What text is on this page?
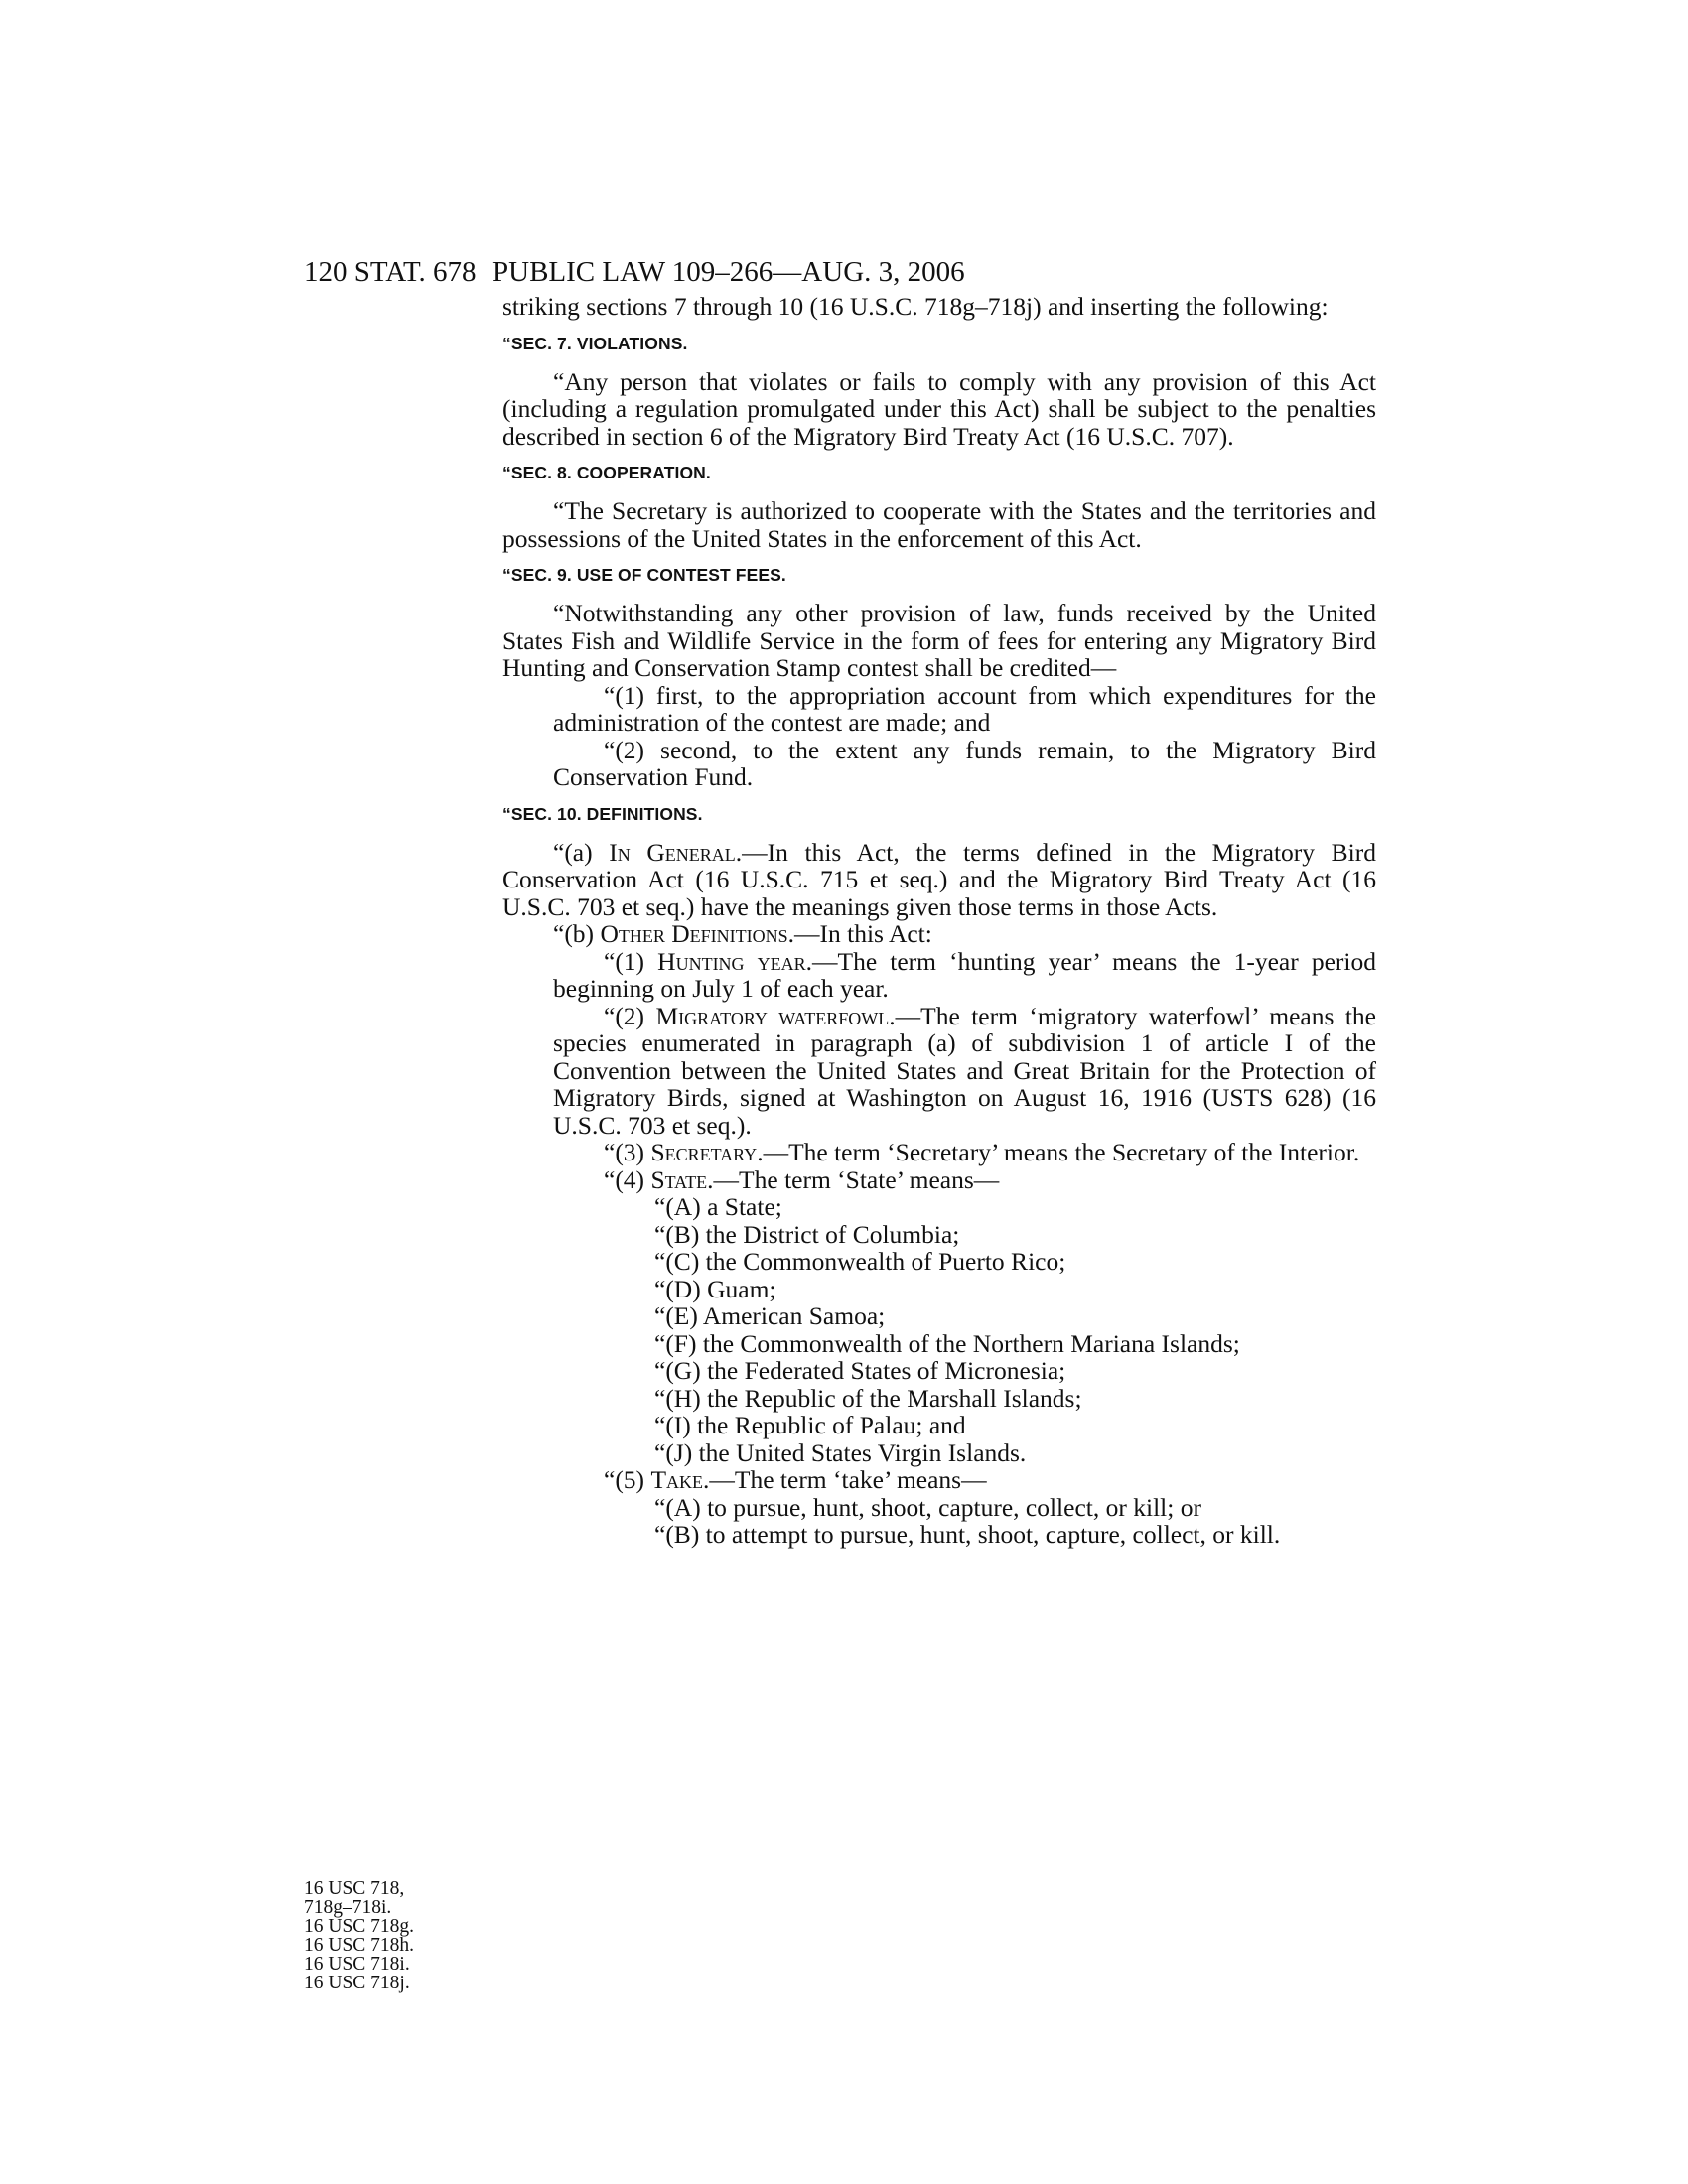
120 STAT. 678 PUBLIC LAW 109–266—AUG. 3, 2006

striking sections 7 through 10 (16 U.S.C. 718g–718j) and inserting the following:

“SEC. 7. VIOLATIONS.

“Any person that violates or fails to comply with any provision of this Act (including a regulation promulgated under this Act) shall be subject to the penalties described in section 6 of the Migratory Bird Treaty Act (16 U.S.C. 707).

“SEC. 8. COOPERATION.

“The Secretary is authorized to cooperate with the States and the territories and possessions of the United States in the enforcement of this Act.

“SEC. 9. USE OF CONTEST FEES.

“Notwithstanding any other provision of law, funds received by the United States Fish and Wildlife Service in the form of fees for entering any Migratory Bird Hunting and Conservation Stamp contest shall be credited—

“(1) first, to the appropriation account from which expenditures for the administration of the contest are made; and

“(2) second, to the extent any funds remain, to the Migratory Bird Conservation Fund.

“SEC. 10. DEFINITIONS.

“(a) In General.—In this Act, the terms defined in the Migratory Bird Conservation Act (16 U.S.C. 715 et seq.) and the Migratory Bird Treaty Act (16 U.S.C. 703 et seq.) have the meanings given those terms in those Acts.

“(b) Other Definitions.—In this Act:

“(1) Hunting year.—The term ‘hunting year’ means the 1-year period beginning on July 1 of each year.

“(2) Migratory waterfowl.—The term ‘migratory waterfowl’ means the species enumerated in paragraph (a) of subdivision 1 of article I of the Convention between the United States and Great Britain for the Protection of Migratory Birds, signed at Washington on August 16, 1916 (USTS 628) (16 U.S.C. 703 et seq.).

“(3) Secretary.—The term ‘Secretary’ means the Secretary of the Interior.

“(4) State.—The term ‘State’ means—

“(A) a State;

“(B) the District of Columbia;

“(C) the Commonwealth of Puerto Rico;

“(D) Guam;

“(E) American Samoa;

“(F) the Commonwealth of the Northern Mariana Islands;

“(G) the Federated States of Micronesia;

“(H) the Republic of the Marshall Islands;

“(I) the Republic of Palau; and

“(J) the United States Virgin Islands.

“(5) Take.—The term ‘take’ means—

“(A) to pursue, hunt, shoot, capture, collect, or kill; or

“(B) to attempt to pursue, hunt, shoot, capture, collect, or kill.

16 USC 718,
718g–718i.
16 USC 718g.
16 USC 718h.
16 USC 718i.
16 USC 718j.
